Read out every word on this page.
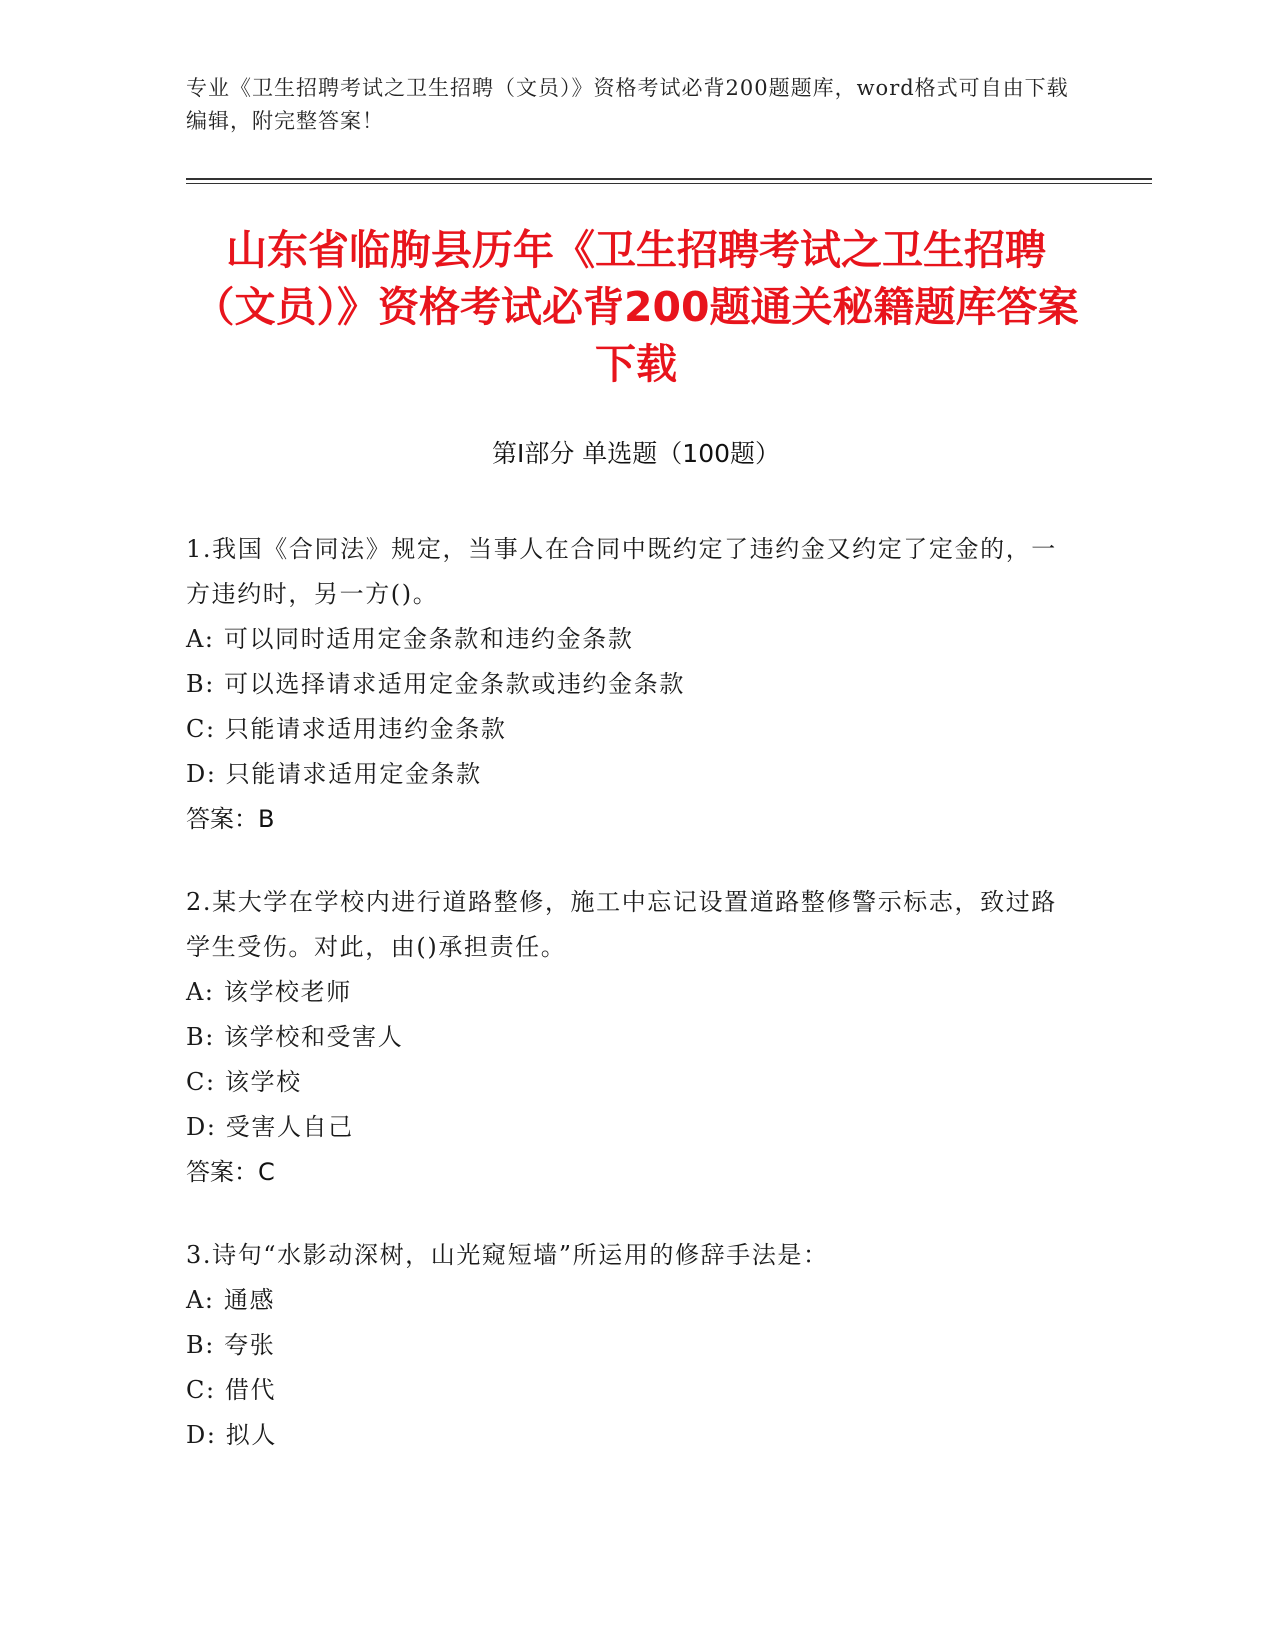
专业《卫生招聘考试之卫生招聘（文员）》资格考试必背200题题库，word格式可自由下载编辑，附完整答案！
山东省临朐县历年《卫生招聘考试之卫生招聘（文员）》资格考试必背200题通关秘籍题库答案下载
第Ⅰ部分 单选题（100题）

1.我国《合同法》规定，当事人在合同中既约定了违约金又约定了定金的，一方违约时，另一方()。

A: 可以同时适用定金条款和违约金条款

B: 可以选择请求适用定金条款或违约金条款

C: 只能请求适用违约金条款

D: 只能请求适用定金条款

答案：B

2.某大学在学校内进行道路整修，施工中忘记设置道路整修警示标志，致过路学生受伤。对此，由()承担责任。

A: 该学校老师

B: 该学校和受害人

C: 该学校

D: 受害人自己

答案：C

3.诗句“水影动深树，山光窥短墙”所运用的修辞手法是：

A: 通感

B: 夸张

C: 借代

D: 拟人
